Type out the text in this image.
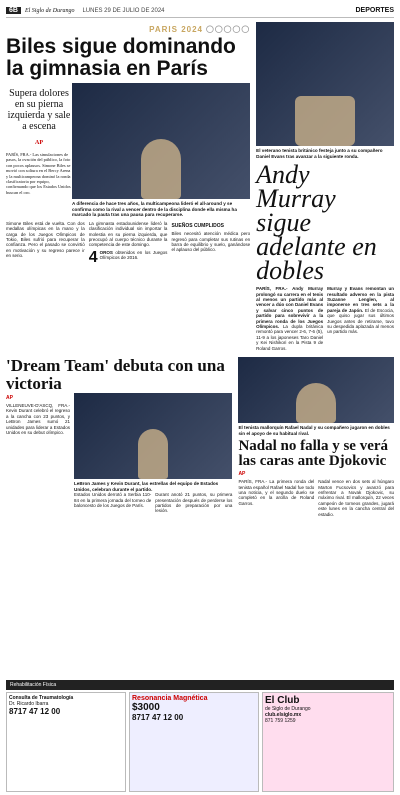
6B	El Siglo de Durango LUNES 29 DE JULIO DE 2024	DEPORTES
PARIS 2024 ◯◯◯◯◯
Biles sigue dominando la gimnasia en París
Supera dolores en su pierna izquierda y sale a escena
AP
PARÍS, FRA.- Las simulaciones de pasos, la ovación del público, la foto con pocos aplausos. Simone Biles se movió con soltura en el Bercy Arena y la multicampeona dominó la ronda clasificatoria por equipo, confirmando que los Estados Unidos buscan el oro.
A diferencia de hace tres años, la multicampeona lideró el all-around y se confirma como la rival a vencer dentro de la disciplina donde ella misma ha marcado la pauta tras una pausa para recuperarse.
Simone Biles está de vuelta. Con dos medallas olímpicas en la mano y la carga de los Juegos Olímpicos de Tokio, Biles sufrió para recuperar la confianza. Pero el pasado se convirtió en motivación y su regreso parece ir en serio.
La gimnasta estadounidense lideró la clasificación individual sin importar la molestia en su pierna izquierda, que preocupó al cuerpo técnico durante la competencia de este domingo.
4 OROS obtenidos en los Juegos Olímpicos de 2016.
SUEÑOS CUMPLIDOS
Biles necesitó atención médica pero regresó para completar sus rutinas en barra de equilibrio y suelo, ganándose el aplauso del público.
El veterano tenista británico festeja junto a su compañero Daniel Evans tras avanzar a la siguiente ronda.
Andy Murray sigue adelante en dobles
PARÍS, FRA.- Andy Murray prolongó su carrera en el tenis al menos un partido más al vencer a dúo con Daniel Evans y salvar cinco puntos de partido para sobrevivir a la primera ronda de los Juegos Olímpicos. La dupla británica remontó para vencer 2-6, 7-6 (5), 11-9 a los japoneses Taro Daniel y Kei Nishikori en la Pista 9 de Roland Garros.
Murray y Evans remontan un resultado adverso en la pista Suzanne Lenglen, al imponerse en tres sets a la pareja de Japón. El de Escocia, que quiso jugar sus últimos Juegos antes de retirarse, tuvo su despedida aplazada al menos un partido más.
'Dream Team' debuta con una victoria
AP
VILLENEUVE-D'ASCQ, FRA.- Kevin Durant celebró el regreso a la cancha con 23 puntos, y LeBron James sumó 21 unidades para liderar a Estados Unidos en su debut olímpico.
LeBron James y Kevin Durant, las estrellas del equipo de Estados Unidos, celebran durante el partido.
Estados Unidos derrotó a Serbia 110-84 en la primera jornada del torneo de baloncesto de los Juegos de París.
Durant anotó 21 puntos, su primera presentación después de perderse los partidos de preparación por una lesión.
El tenista mallorquín Rafael Nadal y su compañero jugaron en dobles sin el apoyo de su habitual rival.
Nadal no falla y se verá las caras ante Djokovic
AP
PARÍS, FRA.- La primera ronda del tenista español Rafael Nadal fue todo una noticia, y el segundo duelo se completó en la arcilla de Roland Garros.
Nadal vence en dos sets al húngaro Marton Fucsovics y avanzó para enfrentar a Novak Djokovic, su máximo rival. El mallorquín, 22 veces campeón de torneos grandes, jugará este lunes en la cancha central del estadio.
Rehabilitación Física
Consulta de Traumatología
Dr. Ricardo Ibarra
8717 47 12 00
Resonancia Magnética
$3000
8717 47 12 00
El Club
de Siglo de Durango
club.elsiglo.mx
871 759 1259
